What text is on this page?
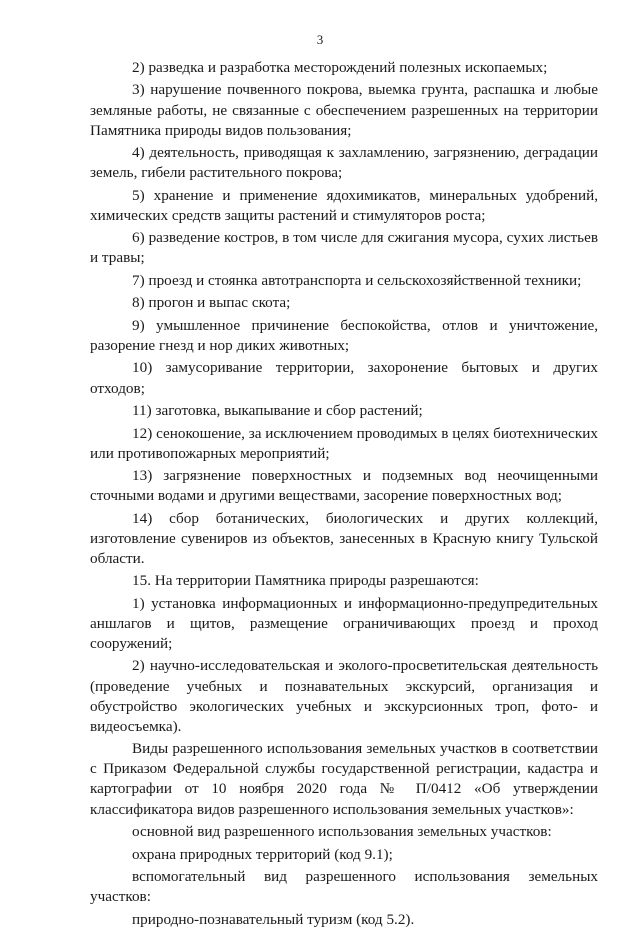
3

2) разведка и разработка месторождений полезных ископаемых;

3) нарушение почвенного покрова, выемка грунта, распашка и любые земляные работы, не связанные с обеспечением разрешенных на территории Памятника природы видов пользования;

4) деятельность, приводящая к захламлению, загрязнению, деградации земель, гибели растительного покрова;

5) хранение и применение ядохимикатов, минеральных удобрений, химических средств защиты растений и стимуляторов роста;

6) разведение костров, в том числе для сжигания мусора, сухих листьев и травы;

7) проезд и стоянка автотранспорта и сельскохозяйственной техники;

8) прогон и выпас скота;

9) умышленное причинение беспокойства, отлов и уничтожение, разорение гнезд и нор диких животных;

10) замусоривание территории, захоронение бытовых и других отходов;

11) заготовка, выкапывание и сбор растений;

12) сенокошение, за исключением проводимых в целях биотехнических или противопожарных мероприятий;

13) загрязнение поверхностных и подземных вод неочищенными сточными водами и другими веществами, засорение поверхностных вод;

14) сбор ботанических, биологических и других коллекций, изготовление сувениров из объектов, занесенных в Красную книгу Тульской области.

15. На территории Памятника природы разрешаются:

1) установка информационных и информационно-предупредительных аншлагов и щитов, размещение ограничивающих проезд и проход сооружений;

2) научно-исследовательская и эколого-просветительская деятельность (проведение учебных и познавательных экскурсий, организация и обустройство экологических учебных и экскурсионных троп, фото- и видеосъемка).

Виды разрешенного использования земельных участков в соответствии с Приказом Федеральной службы государственной регистрации, кадастра и картографии от 10 ноября 2020 года № П/0412 «Об утверждении классификатора видов разрешенного использования земельных участков»:

основной вид разрешенного использования земельных участков:

охрана природных территорий (код 9.1);

вспомогательный вид разрешенного использования земельных участков:

природно-познавательный туризм (код 5.2).
